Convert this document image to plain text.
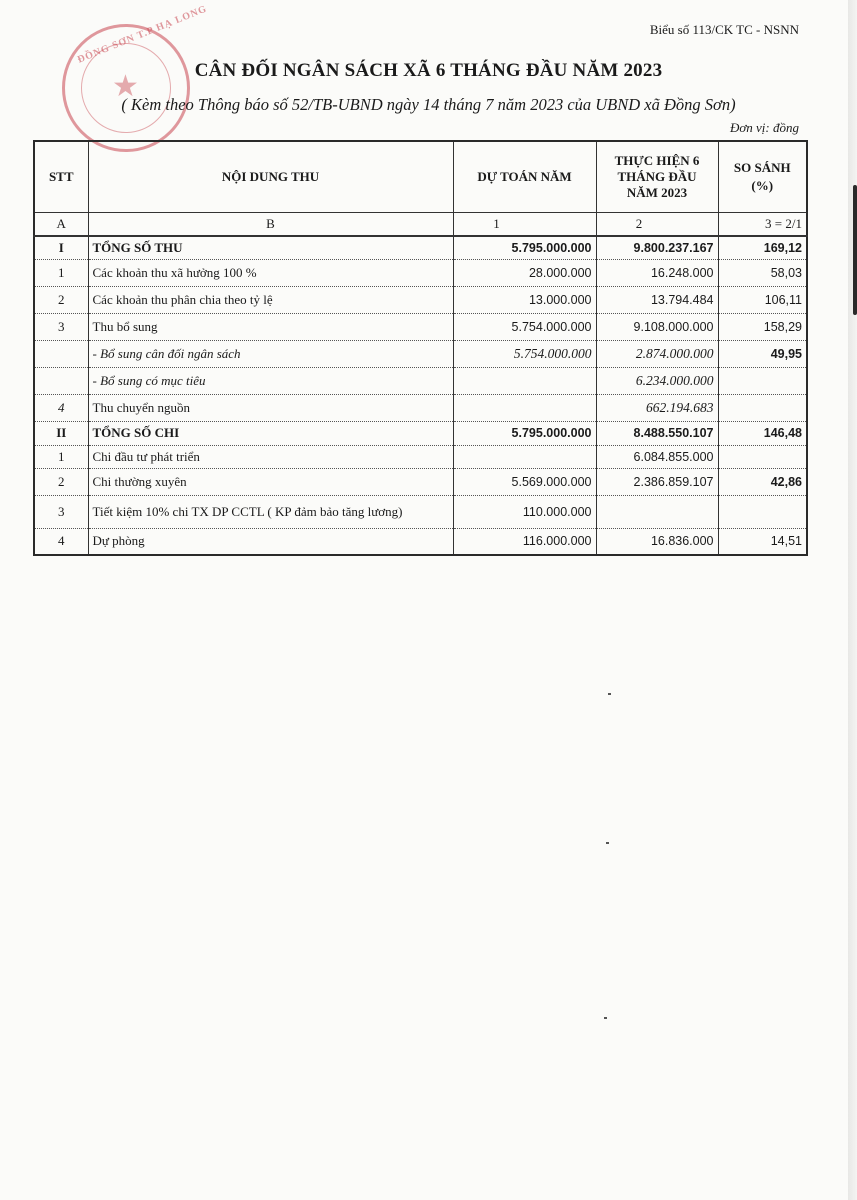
ĐỒNG SƠN T.P HẠ LONG
★
Biểu số 113/CK TC - NSNN
CÂN ĐỐI NGÂN SÁCH XÃ 6 THÁNG ĐẦU NĂM 2023
( Kèm theo Thông báo số 52/TB-UBND ngày 14 tháng 7 năm 2023 của UBND xã Đồng Sơn)
Đơn vị: đồng
STT	NỘI DUNG THU	DỰ TOÁN NĂM	THỰC HIỆN 6 THÁNG ĐẦU NĂM 2023	SO SÁNH (%)
A	B	1	2	3 = 2/1
I	TỔNG SỐ THU	5.795.000.000	9.800.237.167	169,12
1	Các khoản thu xã hưởng 100 %	28.000.000	16.248.000	58,03
2	Các khoản thu phân chia theo tỷ lệ	13.000.000	13.794.484	106,11
3	Thu bổ sung	5.754.000.000	9.108.000.000	158,29
	- Bổ sung cân đối ngân sách	5.754.000.000	2.874.000.000	49,95
	- Bổ sung có mục tiêu		6.234.000.000	
4	Thu chuyển nguồn		662.194.683	
II	TỔNG SỐ CHI	5.795.000.000	8.488.550.107	146,48
1	Chi đầu tư phát triển		6.084.855.000	
2	Chi thường xuyên	5.569.000.000	2.386.859.107	42,86
3	Tiết kiệm 10% chi TX DP CCTL ( KP đảm bảo tăng lương)	110.000.000		
4	Dự phòng	116.000.000	16.836.000	14,51
